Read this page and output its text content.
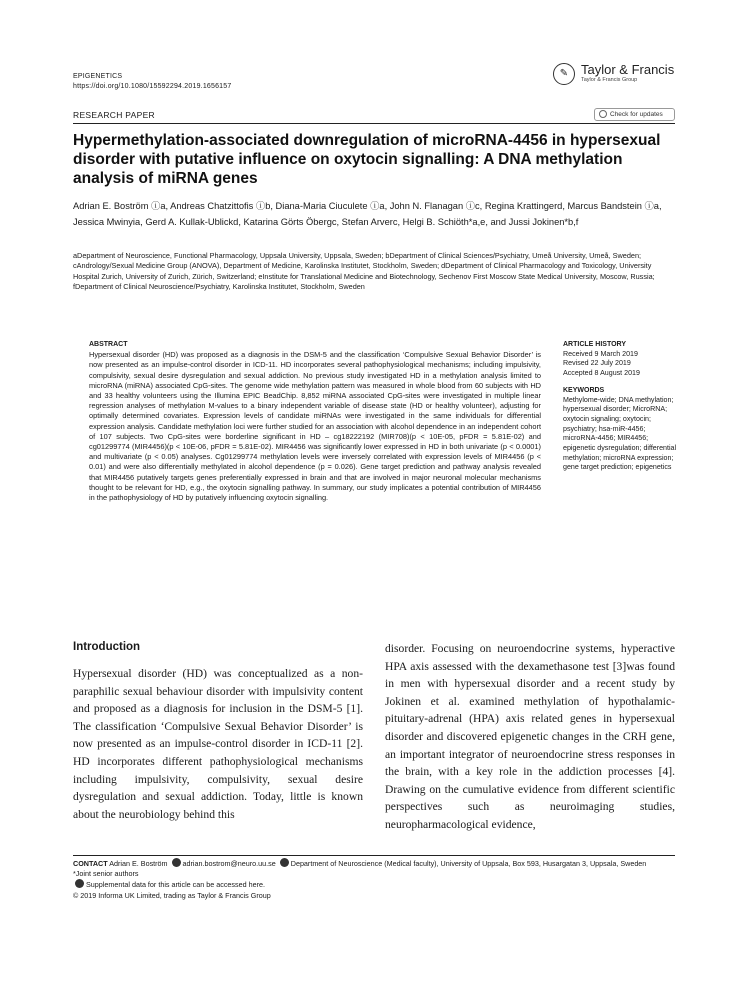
EPIGENETICS
https://doi.org/10.1080/15592294.2019.1656157
✎ Taylor & Francis
Taylor & Francis Group
RESEARCH PAPER	Check for updates
Hypermethylation-associated downregulation of microRNA-4456 in hypersexual disorder with putative influence on oxytocin signalling: A DNA methylation analysis of miRNA genes
Adrian E. Boström ⓘa, Andreas Chatzittofis ⓘb, Diana-Maria Ciuculete ⓘa, John N. Flanagan ⓘc, Regina Krattingerd, Marcus Bandstein ⓘa, Jessica Mwinyia, Gerd A. Kullak-Ublickd, Katarina Görts Öbergc, Stefan Arverc, Helgi B. Schiöth*a,e, and Jussi Jokinen*b,f
aDepartment of Neuroscience, Functional Pharmacology, Uppsala University, Uppsala, Sweden; bDepartment of Clinical Sciences/Psychiatry, Umeå University, Umeå, Sweden; cAndrology/Sexual Medicine Group (ANOVA), Department of Medicine, Karolinska Institutet, Stockholm, Sweden; dDepartment of Clinical Pharmacology and Toxicology, University Hospital Zurich, University of Zurich, Zürich, Switzerland; eInstitute for Translational Medicine and Biotechnology, Sechenov First Moscow State Medical University, Moscow, Russia; fDepartment of Clinical Neuroscience/Psychiatry, Karolinska Institutet, Stockholm, Sweden
ABSTRACT
Hypersexual disorder (HD) was proposed as a diagnosis in the DSM-5 and the classification ‘Compulsive Sexual Behavior Disorder’ is now presented as an impulse-control disorder in ICD-11. HD incorporates several pathophysiological mechanisms; including impulsivity, compulsivity, sexual desire dysregulation and sexual addiction. No previous study investigated HD in a methylation analysis limited to microRNA (miRNA) associated CpG-sites. The genome wide methylation pattern was measured in whole blood from 60 subjects with HD and 33 healthy volunteers using the Illumina EPIC BeadChip. 8,852 miRNA associated CpG-sites were investigated in multiple linear regression analyses of methylation M-values to a binary independent variable of disease state (HD or healthy volunteer), adjusting for optimally determined covariates. Expression levels of candidate miRNAs were investigated in the same individuals for differential expression analysis. Candidate methylation loci were further studied for an association with alcohol dependence in an independent cohort of 107 subjects. Two CpG-sites were borderline significant in HD – cg18222192 (MIR708)(p < 10E-05, pFDR = 5.81E-02) and cg01299774 (MIR4456)(p < 10E-06, pFDR = 5.81E-02). MIR4456 was significantly lower expressed in HD in both univariate (p < 0.0001) and multivariate (p < 0.05) analyses. Cg01299774 methylation levels were inversely correlated with expression levels of MIR4456 (p < 0.01) and were also differentially methylated in alcohol dependence (p = 0.026). Gene target prediction and pathway analysis revealed that MIR4456 putatively targets genes preferentially expressed in brain and that are involved in major neuronal molecular mechanisms thought to be relevant for HD, e.g., the oxytocin signalling pathway. In summary, our study implicates a potential contribution of MIR4456 in the pathophysiology of HD by putatively influencing oxytocin signalling.
ARTICLE HISTORY
Received 9 March 2019
Revised 22 July 2019
Accepted 8 August 2019
KEYWORDS
Methylome-wide; DNA methylation; hypersexual disorder; MicroRNA; oxytocin signaling; oxytocin; psychiatry; hsa-miR-4456; microRNA-4456; MIR4456; epigenetic dysregulation; differential methylation; microRNA expression; gene target prediction; epigenetics
Introduction
Hypersexual disorder (HD) was conceptualized as a non-paraphilic sexual behaviour disorder with impulsivity content and proposed as a diagnosis for inclusion in the DSM-5 [1]. The classification ‘Compulsive Sexual Behavior Disorder’ is now presented as an impulse-control disorder in ICD-11 [2]. HD incorporates different pathophysiological mechanisms including impulsivity, compulsivity, sexual desire dysregulation and sexual addiction. Today, little is known about the neurobiology behind this
disorder. Focusing on neuroendocrine systems, hyperactive HPA axis assessed with the dexamethasone test [3]was found in men with hypersexual disorder and a recent study by Jokinen et al. examined methylation of hypothalamic-pituitary-adrenal (HPA) axis related genes in hypersexual disorder and discovered epigenetic changes in the CRH gene, an important integrator of neuroendocrine stress responses in the brain, with a key role in the addiction processes [4]. Drawing on the cumulative evidence from different scientific perspectives such as neuroimaging studies, neuropharmacological evidence,
CONTACT Adrian E. Boström adrian.bostrom@neuro.uu.se Department of Neuroscience (Medical faculty), University of Uppsala, Box 593, Husargatan 3, Uppsala, Sweden
*Joint senior authors
Supplemental data for this article can be accessed here.
© 2019 Informa UK Limited, trading as Taylor & Francis Group
